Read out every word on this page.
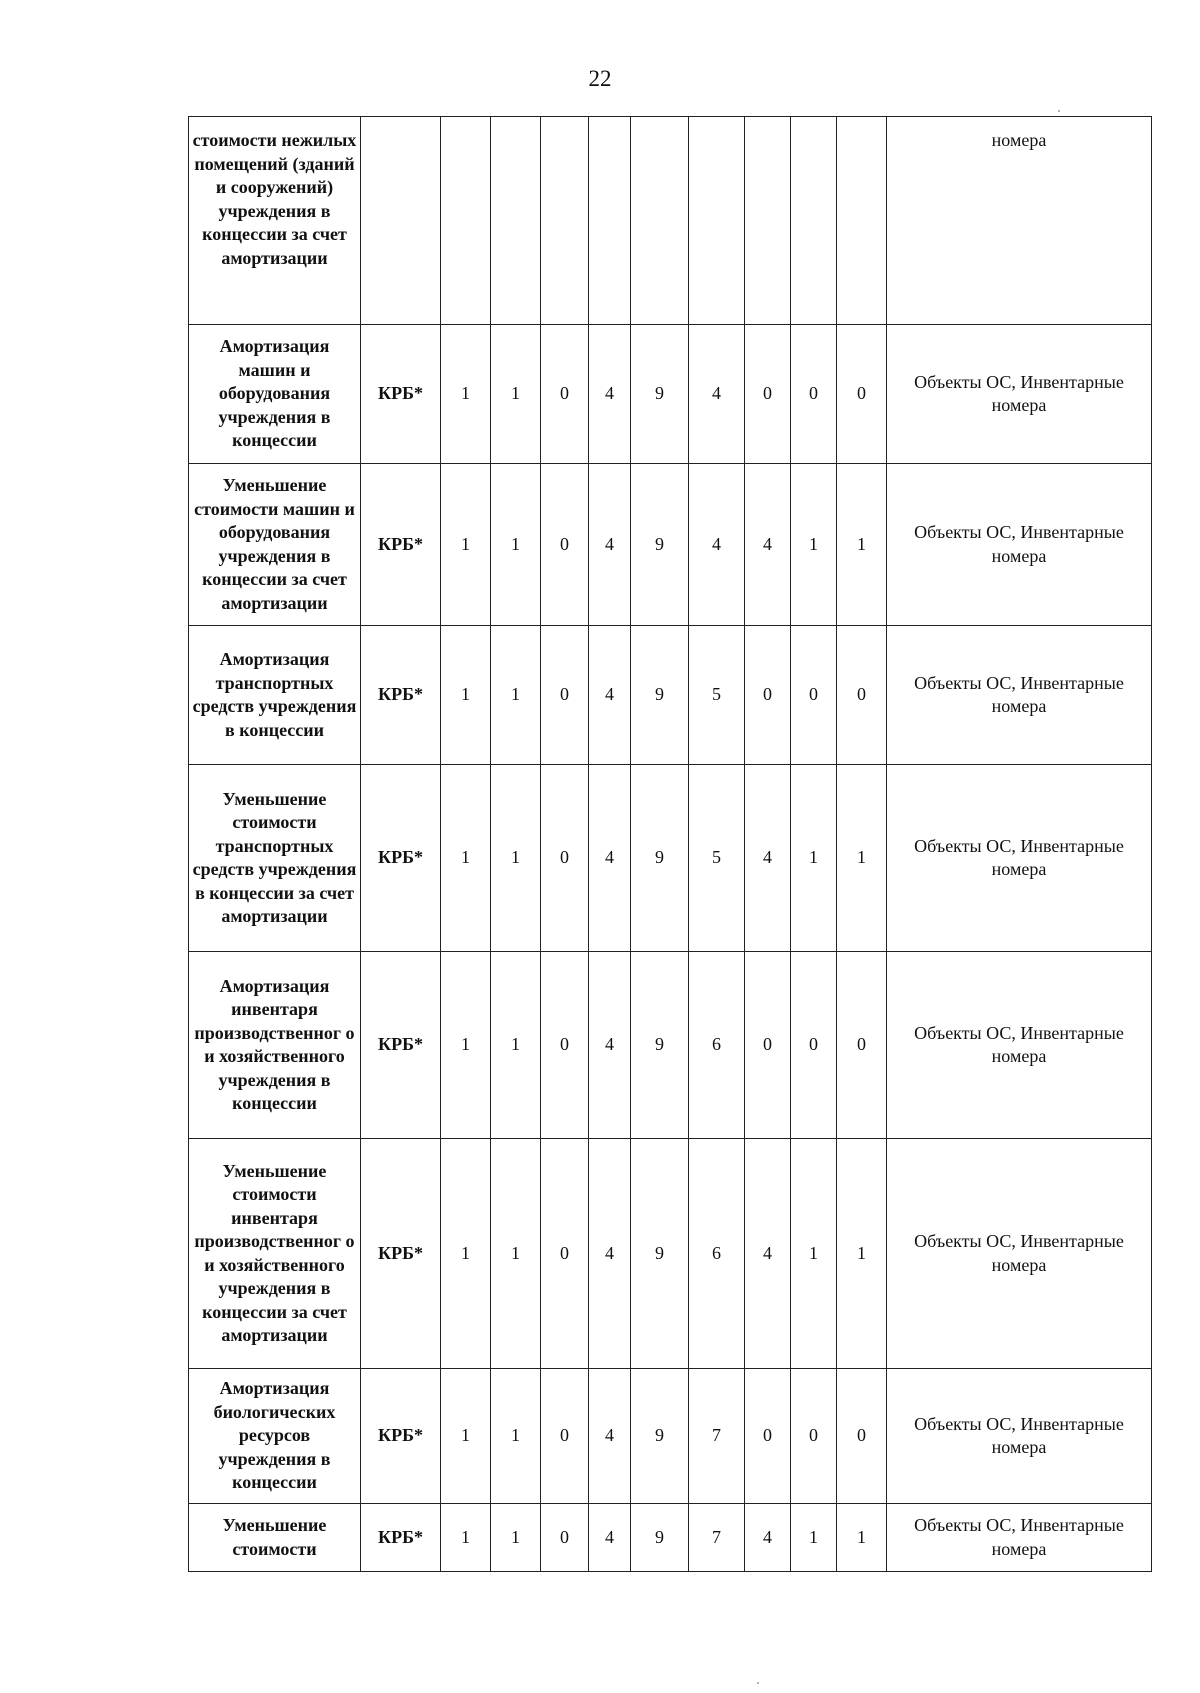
22
стоимости нежилых помещений (зданий и сооружений) учреждения в концессии за счет амортизации											номера
Амортизация машин и оборудования учреждения в концессии	КРБ*	1	1	0	4	9	4	0	0	0	Объекты ОС, Инвентарные номера
Уменьшение стоимости машин и оборудования учреждения в концессии за счет амортизации	КРБ*	1	1	0	4	9	4	4	1	1	Объекты ОС, Инвентарные номера
Амортизация транспортных средств учреждения в концессии	КРБ*	1	1	0	4	9	5	0	0	0	Объекты ОС, Инвентарные номера
Уменьшение стоимости транспортных средств учреждения в концессии за счет амортизации	КРБ*	1	1	0	4	9	5	4	1	1	Объекты ОС, Инвентарные номера
Амортизация инвентаря производственног о и хозяйственного учреждения в концессии	КРБ*	1	1	0	4	9	6	0	0	0	Объекты ОС, Инвентарные номера
Уменьшение стоимости инвентаря производственног о и хозяйственного учреждения в концессии за счет амортизации	КРБ*	1	1	0	4	9	6	4	1	1	Объекты ОС, Инвентарные номера
Амортизация биологических ресурсов учреждения в концессии	КРБ*	1	1	0	4	9	7	0	0	0	Объекты ОС, Инвентарные номера
Уменьшение стоимости	КРБ*	1	1	0	4	9	7	4	1	1	Объекты ОС, Инвентарные номера
